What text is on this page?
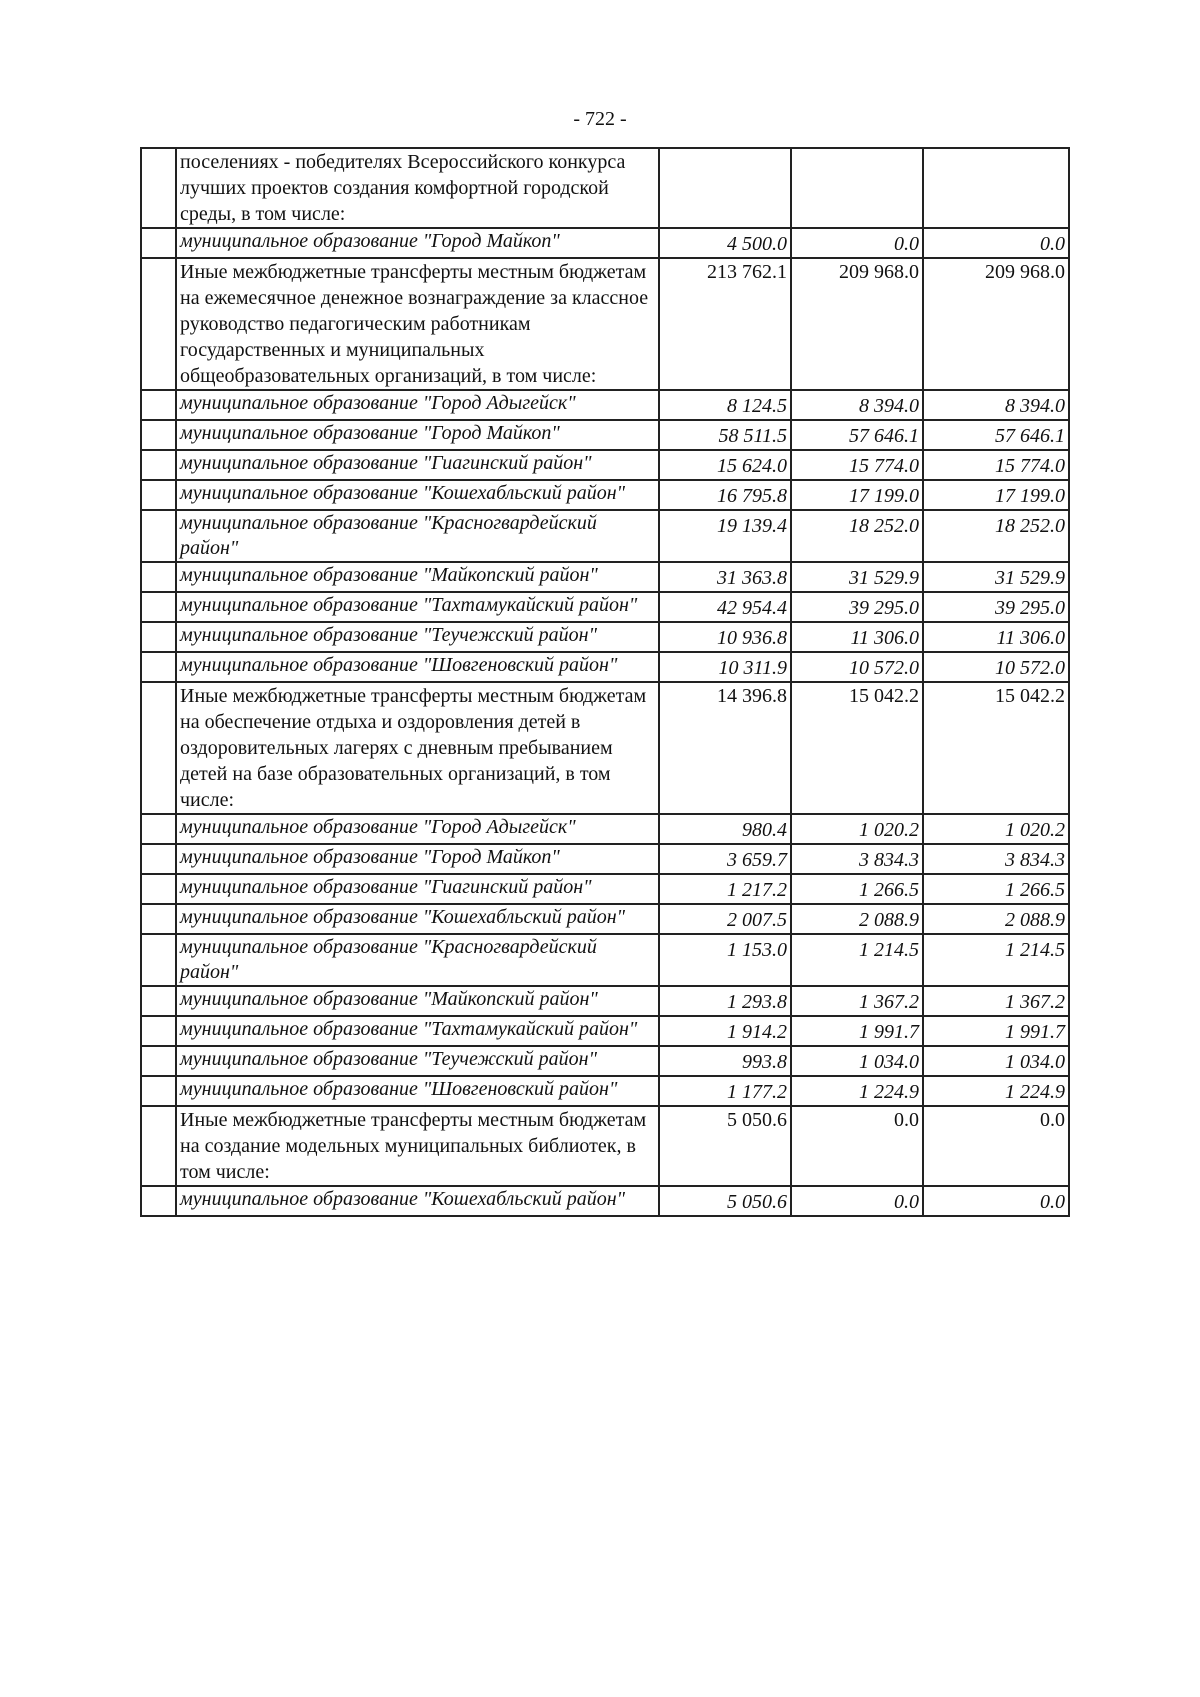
- 722 -
	поселениях - победителях Всероссийского конкурса лучших проектов создания комфортной городской среды, в том числе:			
	муниципальное образование "Город Майкоп"	4 500.0	0.0	0.0
	Иные межбюджетные трансферты местным бюджетам на ежемесячное денежное вознаграждение за классное руководство педагогическим работникам государственных и муниципальных общеобразовательных организаций, в том числе:	213 762.1	209 968.0	209 968.0
	муниципальное образование "Город Адыгейск"	8 124.5	8 394.0	8 394.0
	муниципальное образование "Город Майкоп"	58 511.5	57 646.1	57 646.1
	муниципальное образование "Гиагинский район"	15 624.0	15 774.0	15 774.0
	муниципальное образование "Кошехабльский район"	16 795.8	17 199.0	17 199.0
	муниципальное образование "Красногвардейский район"	19 139.4	18 252.0	18 252.0
	муниципальное образование "Майкопский район"	31 363.8	31 529.9	31 529.9
	муниципальное образование "Тахтамукайский район"	42 954.4	39 295.0	39 295.0
	муниципальное образование "Теучежский район"	10 936.8	11 306.0	11 306.0
	муниципальное образование "Шовгеновский район"	10 311.9	10 572.0	10 572.0
	Иные межбюджетные трансферты местным бюджетам на обеспечение отдыха и оздоровления детей в оздоровительных лагерях с дневным пребыванием детей на базе образовательных организаций, в том числе:	14 396.8	15 042.2	15 042.2
	муниципальное образование "Город Адыгейск"	980.4	1 020.2	1 020.2
	муниципальное образование "Город Майкоп"	3 659.7	3 834.3	3 834.3
	муниципальное образование "Гиагинский район"	1 217.2	1 266.5	1 266.5
	муниципальное образование "Кошехабльский район"	2 007.5	2 088.9	2 088.9
	муниципальное образование "Красногвардейский район"	1 153.0	1 214.5	1 214.5
	муниципальное образование "Майкопский район"	1 293.8	1 367.2	1 367.2
	муниципальное образование "Тахтамукайский район"	1 914.2	1 991.7	1 991.7
	муниципальное образование "Теучежский район"	993.8	1 034.0	1 034.0
	муниципальное образование "Шовгеновский район"	1 177.2	1 224.9	1 224.9
	Иные межбюджетные трансферты местным бюджетам на создание модельных муниципальных библиотек, в том числе:	5 050.6	0.0	0.0
	муниципальное образование "Кошехабльский район"	5 050.6	0.0	0.0
